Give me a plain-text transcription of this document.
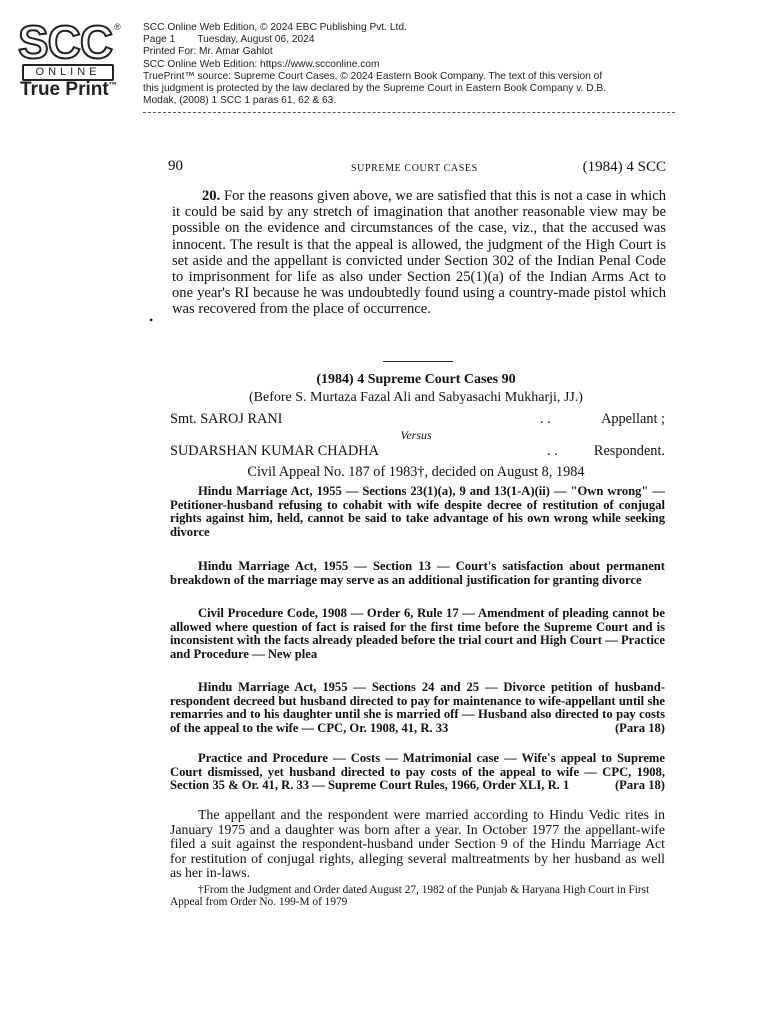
SCC ®
ONLINE
True Print™
SCC Online Web Edition, © 2024 EBC Publishing Pvt. Ltd.
Page 1 Tuesday, August 06, 2024
Printed For: Mr. Amar Gahlot
SCC Online Web Edition: https://www.scconline.com
TruePrint™ source: Supreme Court Cases, © 2024 Eastern Book Company. The text of this version of
this judgment is protected by the law declared by the Supreme Court in Eastern Book Company v. D.B.
Modak, (2008) 1 SCC 1 paras 61, 62 & 63.
90	SUPREME COURT CASES	(1984) 4 SCC
20. For the reasons given above, we are satisfied that this is not a case in which it could be said by any stretch of imagination that another reasonable view may be possible on the evidence and circumstances of the case, viz., that the accused was innocent. The result is that the appeal is allowed, the judgment of the High Court is set aside and the appellant is convicted under Section 302 of the Indian Penal Code to imprisonment for life as also under Section 25(1)(a) of the Indian Arms Act to one year's RI because he was undoubtedly found using a country-made pistol which was recovered from the place of occurrence.
•
(1984) 4 Supreme Court Cases 90
(Before S. Murtaza Fazal Ali and Sabyasachi Mukharji, JJ.)
Smt. SAROJ RANI	. .	Appellant ;
Versus
SUDARSHAN KUMAR CHADHA	. .	Respondent.
Civil Appeal No. 187 of 1983†, decided on August 8, 1984
Hindu Marriage Act, 1955 — Sections 23(1)(a), 9 and 13(1-A)(ii) — "Own wrong" — Petitioner-husband refusing to cohabit with wife despite decree of restitution of conjugal rights against him, held, cannot be said to take advantage of his own wrong while seeking divorce
Hindu Marriage Act, 1955 — Section 13 — Court's satisfaction about permanent breakdown of the marriage may serve as an additional justification for granting divorce
Civil Procedure Code, 1908 — Order 6, Rule 17 — Amendment of pleading cannot be allowed where question of fact is raised for the first time before the Supreme Court and is inconsistent with the facts already pleaded before the trial court and High Court — Practice and Procedure — New plea
Hindu Marriage Act, 1955 — Sections 24 and 25 — Divorce petition of husband-respondent decreed but husband directed to pay for maintenance to wife-appellant until she remarries and to his daughter until she is married off — Husband also directed to pay costs of the appeal to the wife — CPC, Or. 1908, 41, R. 33	(Para 18)
Practice and Procedure — Costs — Matrimonial case — Wife's appeal to Supreme Court dismissed, yet husband directed to pay costs of the appeal to wife — CPC, 1908, Section 35 & Or. 41, R. 33 — Supreme Court Rules, 1966, Order XLI, R. 1	(Para 18)
The appellant and the respondent were married according to Hindu Vedic rites in January 1975 and a daughter was born after a year. In October 1977 the appellant-wife filed a suit against the respondent-husband under Section 9 of the Hindu Marriage Act for restitution of conjugal rights, alleging several maltreatments by her husband as well as her in-laws.
†From the Judgment and Order dated August 27, 1982 of the Punjab & Haryana High Court in First Appeal from Order No. 199-M of 1979
